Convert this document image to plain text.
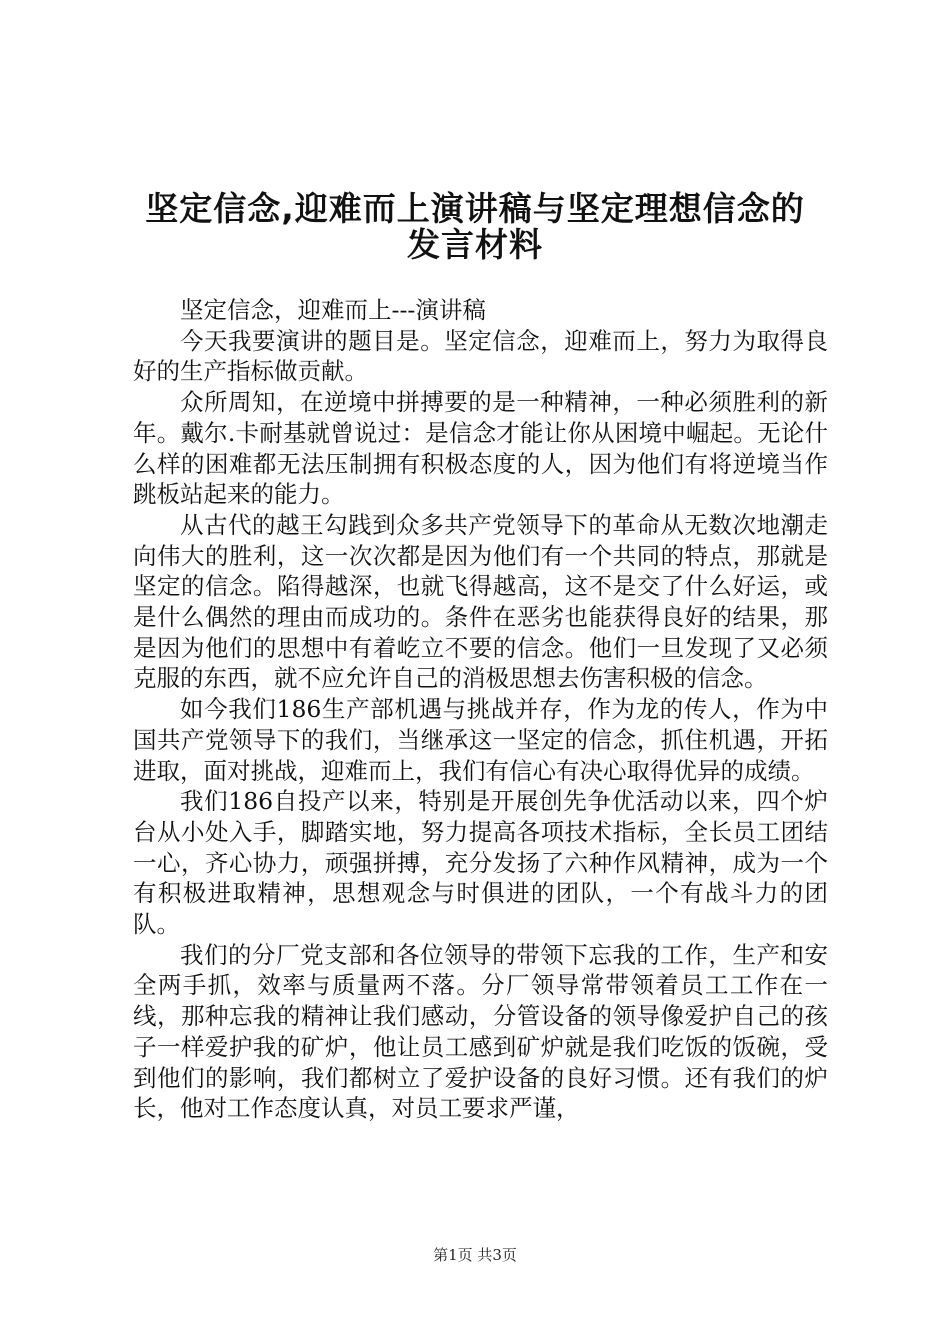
坚定信念,迎难而上演讲稿与坚定理想信念的
发言材料

坚定信念，迎难而上---演讲稿

今天我要演讲的题目是。坚定信念，迎难而上，努力为取得良好的生产指标做贡献。

众所周知，在逆境中拼搏要的是一种精神，一种必须胜利的新年。戴尔.卡耐基就曾说过：是信念才能让你从困境中崛起。无论什么样的困难都无法压制拥有积极态度的人，因为他们有将逆境当作跳板站起来的能力。

从古代的越王勾践到众多共产党领导下的革命从无数次地潮走向伟大的胜利，这一次次都是因为他们有一个共同的特点，那就是坚定的信念。陷得越深，也就飞得越高，这不是交了什么好运，或是什么偶然的理由而成功的。条件在恶劣也能获得良好的结果，那是因为他们的思想中有着屹立不要的信念。他们一旦发现了又必须克服的东西，就不应允许自己的消极思想去伤害积极的信念。

如今我们186生产部机遇与挑战并存，作为龙的传人，作为中国共产党领导下的我们，当继承这一坚定的信念，抓住机遇，开拓进取，面对挑战，迎难而上，我们有信心有决心取得优异的成绩。

我们186自投产以来，特别是开展创先争优活动以来，四个炉台从小处入手，脚踏实地，努力提高各项技术指标，全长员工团结一心，齐心协力，顽强拼搏，充分发扬了六种作风精神，成为一个有积极进取精神，思想观念与时俱进的团队，一个有战斗力的团队。

我们的分厂党支部和各位领导的带领下忘我的工作，生产和安全两手抓，效率与质量两不落。分厂领导常带领着员工工作在一线，那种忘我的精神让我们感动，分管设备的领导像爱护自己的孩子一样爱护我的矿炉，他让员工感到矿炉就是我们吃饭的饭碗，受到他们的影响，我们都树立了爱护设备的良好习惯。还有我们的炉长，他对工作态度认真，对员工要求严谨，

第1页 共3页
